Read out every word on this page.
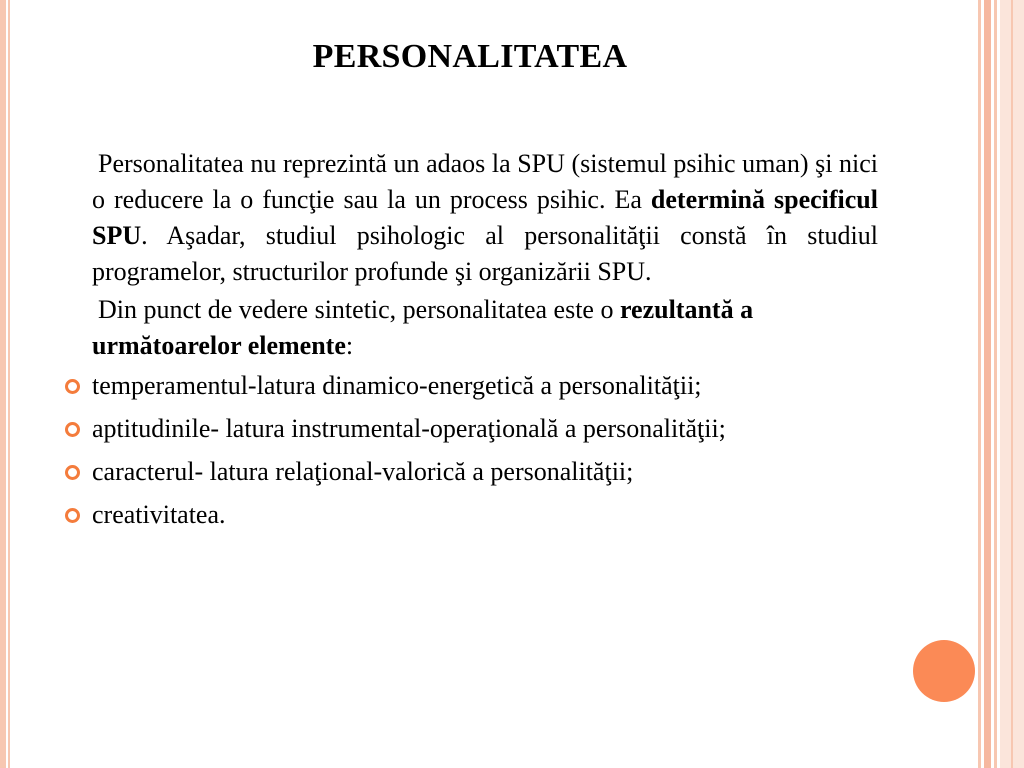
PERSONALITATEA

Personalitatea nu reprezintă un adaos la SPU (sistemul psihic uman) şi nici o reducere la o funcţie sau la un process psihic. Ea determină specificul SPU. Aşadar, studiul psihologic al personalităţii constă în studiul programelor, structurilor profunde şi organizării SPU.

Din punct de vedere sintetic, personalitatea este o rezultantă a următoarelor elemente:

temperamentul-latura dinamico-energetică a personalităţii;
aptitudinile- latura instrumental-operaţională a personalităţii;
caracterul- latura relaţional-valorică a personalităţii;
creativitatea.
